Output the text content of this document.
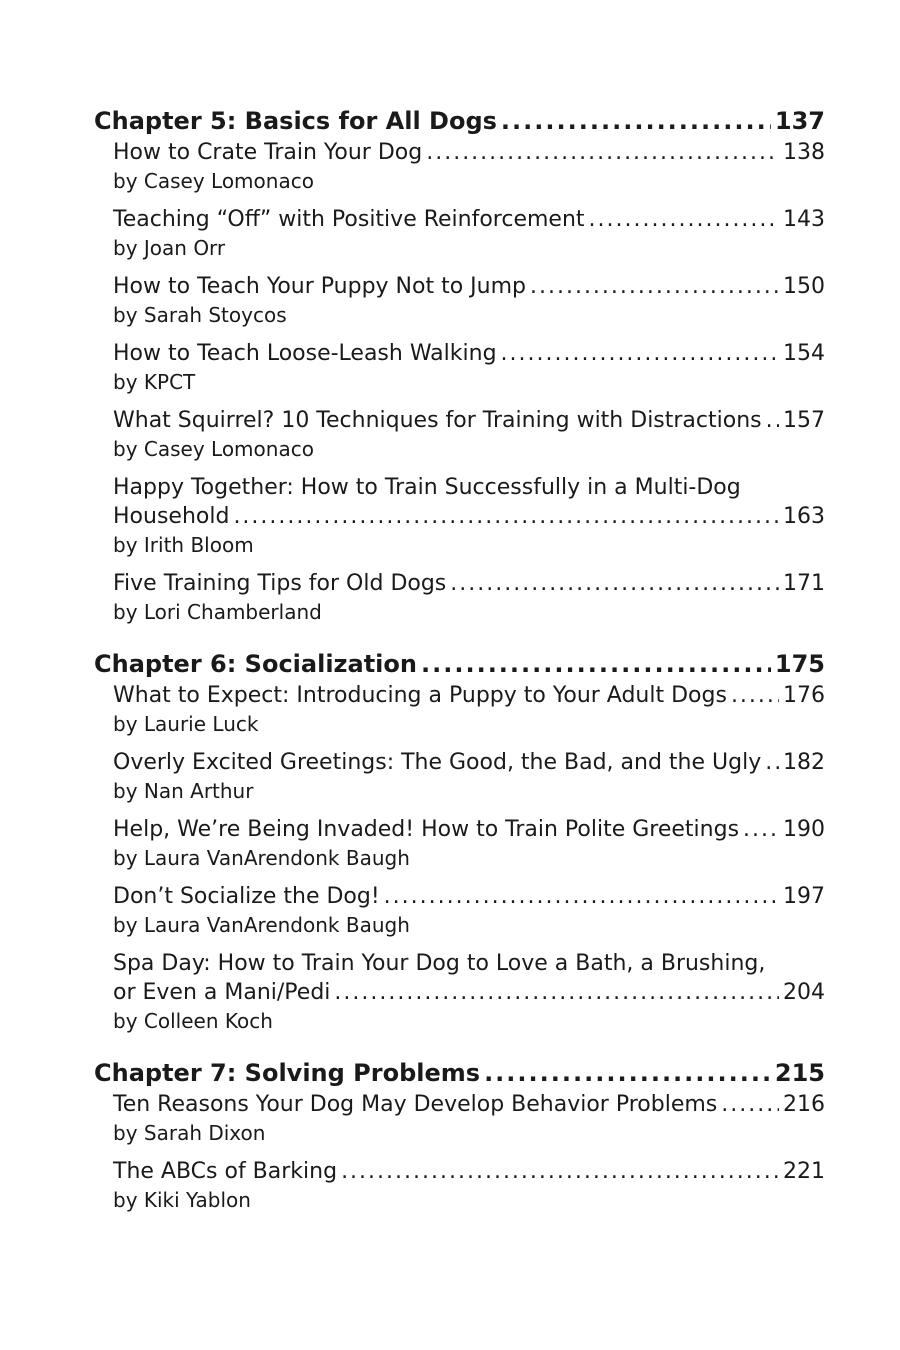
Chapter 5: Basics for All Dogs .....	137
How to Crate Train Your Dog .....	138
by Casey Lomonaco
Teaching “Off” with Positive Reinforcement .....	143
by Joan Orr
How to Teach Your Puppy Not to Jump .....	150
by Sarah Stoycos
How to Teach Loose-Leash Walking .....	154
by KPCT
What Squirrel? 10 Techniques for Training with Distractions ..... 157
by Casey Lomonaco
Happy Together: How to Train Successfully in a Multi-Dog
Household .....	163
by Irith Bloom
Five Training Tips for Old Dogs .....	171
by Lori Chamberland
Chapter 6: Socialization .....	175
What to Expect: Introducing a Puppy to Your Adult Dogs .....	176
by Laurie Luck
Overly Excited Greetings: The Good, the Bad, and the Ugly ..... 182
by Nan Arthur
Help, We’re Being Invaded! How to Train Polite Greetings ..... 190
by Laura VanArendonk Baugh
Don’t Socialize the Dog! .....	197
by Laura VanArendonk Baugh
Spa Day: How to Train Your Dog to Love a Bath, a Brushing,
or Even a Mani/Pedi .....	204
by Colleen Koch
Chapter 7: Solving Problems .....	215
Ten Reasons Your Dog May Develop Behavior Problems .....	216
by Sarah Dixon
The ABCs of Barking .....	221
by Kiki Yablon
